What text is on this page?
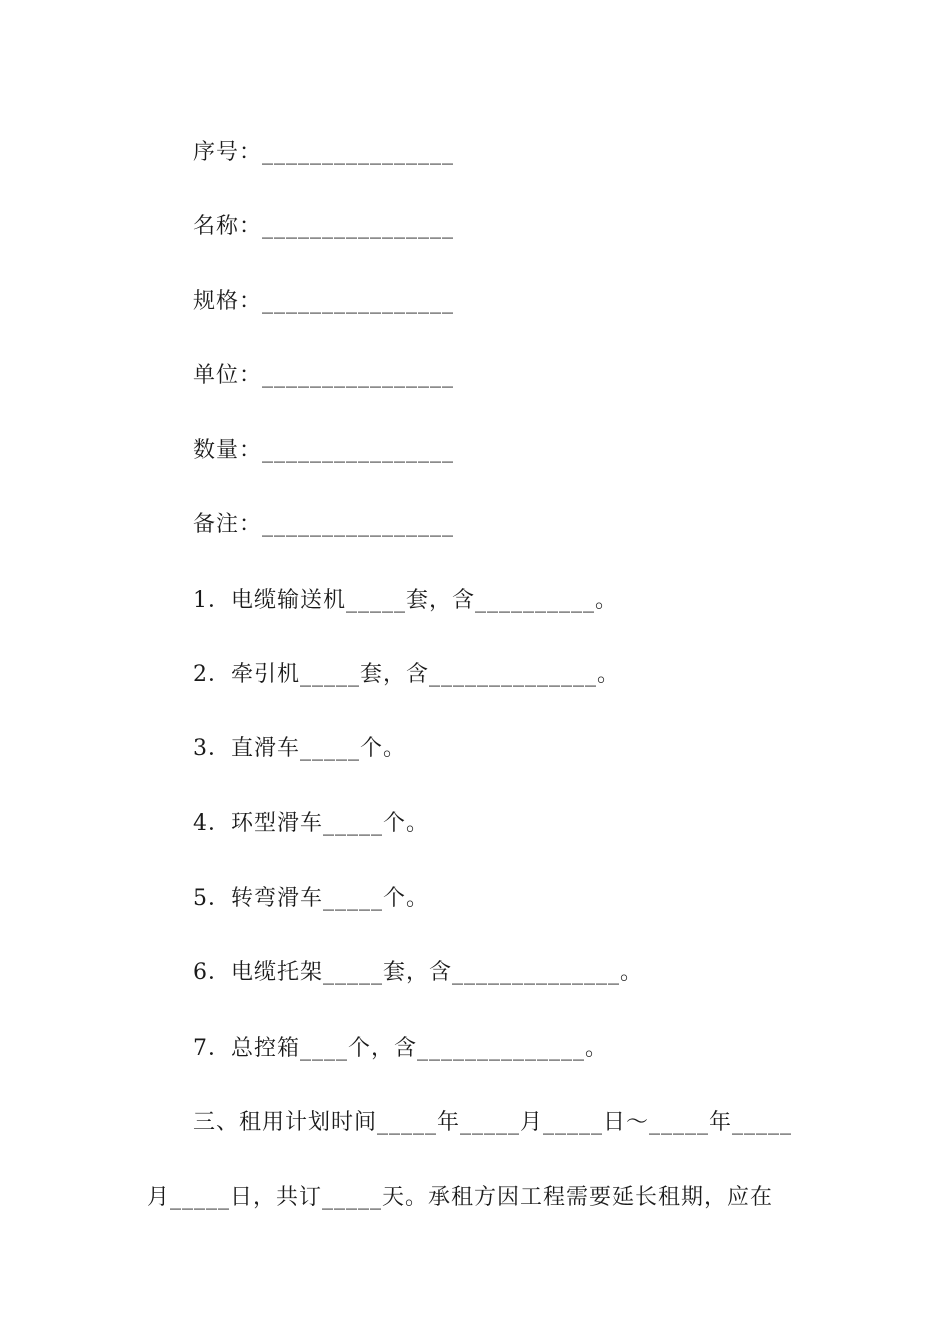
序号：________________
名称：________________
规格：________________
单位：________________
数量：________________
备注：________________
1．电缆输送机_____套，含__________。
2．牵引机_____套，含______________。
3．直滑车_____个。
4．环型滑车_____个。
5．转弯滑车_____个。
6．电缆托架_____套，含______________。
7．总控箱____个，含______________。
三、租用计划时间_____年_____月_____日～_____年_____
月_____日，共订_____天。承租方因工程需要延长租期，应在
